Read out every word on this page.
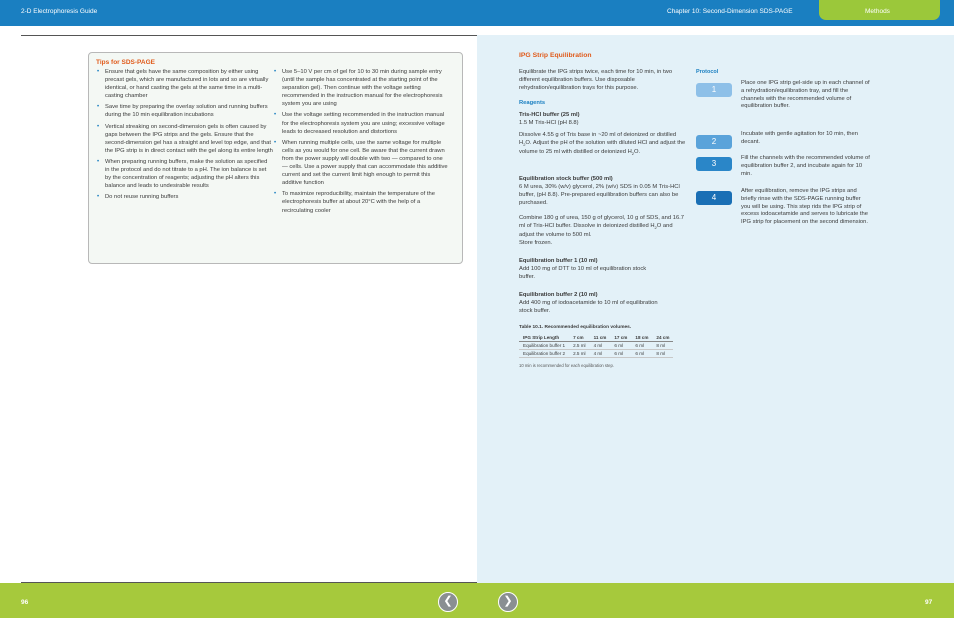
2-D Electrophoresis Guide	Chapter 10: Second-Dimension SDS-PAGE	Methods
Tips for SDS-PAGE
• Ensure that gels have the same composition by either using precast gels, which are manufactured in lots and so are virtually identical, or hand casting the gels at the same time in a multi-casting chamber
• Save time by preparing the overlay solution and running buffers during the 10 min equilibration incubations
• Vertical streaking on second-dimension gels is often caused by gaps between the IPG strips and the gels. Ensure that the second-dimension gel has a straight and level top edge, and that the IPG strip is in direct contact with the gel along its entire length
• When preparing running buffers, make the solution as specified in the protocol and do not titrate to a pH. The ion balance is set by the concentration of reagents; adjusting the pH alters this balance and leads to undesirable results
• Do not reuse running buffers
• Use 5–10 V per cm of gel for 10 to 30 min during sample entry (until the sample has concentrated at the starting point of the separation gel). Then continue with the voltage setting recommended in the instruction manual for the electrophoresis system you are using
• Use the voltage setting recommended in the instruction manual for the electrophoresis system you are using; excessive voltage leads to decreased resolution and distortions
• When running multiple cells, use the same voltage for multiple cells as you would for one cell. Be aware that the current drawn from the power supply will double with two — compared to one — cells. Use a power supply that can accommodate this additive current and set the current limit high enough to permit this additive function
• To maximize reproducibility, maintain the temperature of the electrophoresis buffer at about 20°C with the help of a recirculating cooler
IPG Strip Equilibration
Equilibrate the IPG strips twice, each time for 10 min, in two different equilibration buffers. Use disposable rehydration/equilibration trays for this purpose.
Reagents
Tris-HCl buffer (25 ml)
1.5 M Tris-HCl (pH 8.8)
Dissolve 4.55 g of Tris base in ~20 ml of deionized or distilled $H_2O$. Adjust the pH of the solution with diluted HCl and adjust the volume to 25 ml with distilled or deionized $H_2O$.
Equilibration stock buffer (500 ml)
6 M urea, 30% (w/v) glycerol, 2% (w/v) SDS in 0.05 M Tris-HCl buffer, (pH 8.8). Pre-prepared equilibration buffers can also be purchased.
Combine 180 g of urea, 150 g of glycerol, 10 g of SDS, and 16.7 ml of Tris-HCl buffer. Dissolve in deionized distilled $H_2O$ and adjust the volume to 500 ml.
Store frozen.
Equilibration buffer 1 (10 ml)
Add 100 mg of DTT to 10 ml of equilibration stock buffer.
Equilibration buffer 2 (10 ml)
Add 400 mg of iodoacetamide to 10 ml of equilibration stock buffer.
Table 10.1. Recommended equilibration volumes.
IPG Strip Length	7 cm	11 cm	17 cm	18 cm	24 cm
Equilibration buffer 1	2.5 ml	4 ml	6 ml	6 ml	8 ml
Equilibration buffer 2	2.5 ml	4 ml	6 ml	6 ml	8 ml
10 min is recommended for each equilibration step.
Protocol
1
Place one IPG strip gel-side up in each channel of a rehydration/equilibration tray, and fill the channels with the recommended volume of equilibration buffer.
2
Incubate with gentle agitation for 10 min, then decant.
3
Fill the channels with the recommended volume of equilibration buffer 2, and incubate again for 10 min.
4
After equilibration, remove the IPG strips and briefly rinse with the SDS-PAGE running buffer you will be using. This step rids the IPG strip of excess iodoacetamide and serves to lubricate the IPG strip for placement on the second dimension.
96	97
❮	❯
